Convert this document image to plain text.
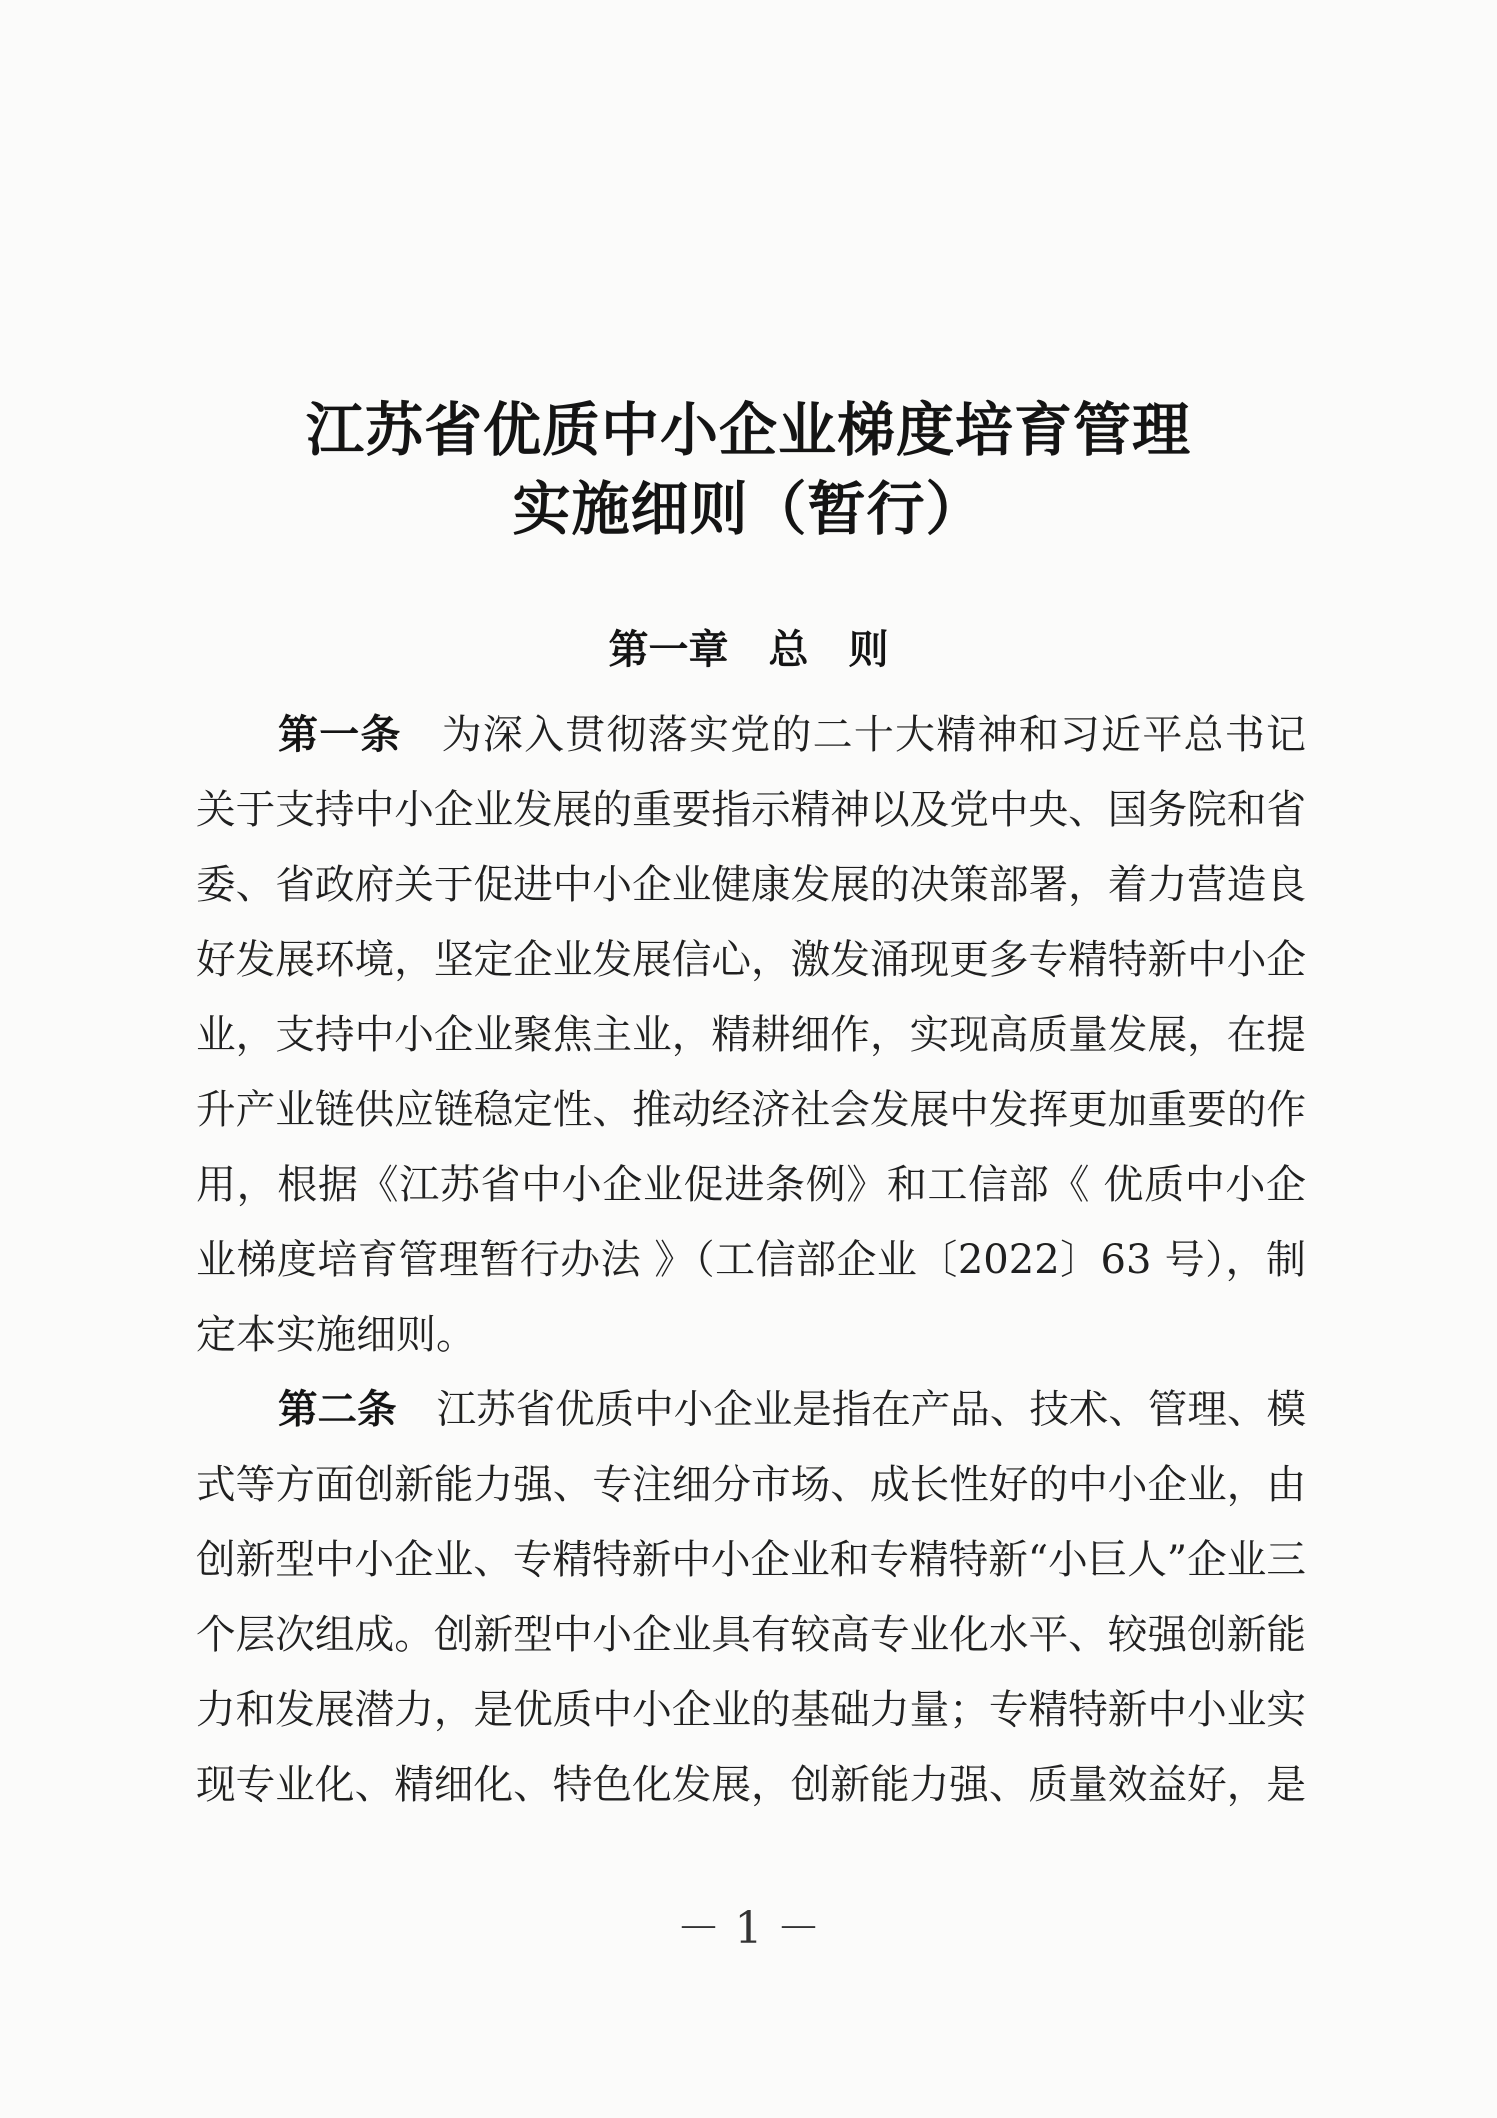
实施细则（暂行）
江苏省优质中小企业梯度培育管理
第一章 总　则
第一条 为深入贯彻落实党的二十大精神和习近平总书记
关于支持中小企业发展的重要指示精神以及党中央、国务院和省
委、省政府关于促进中小企业健康发展的决策部署，着力营造良
好发展环境，坚定企业发展信心，激发涌现更多专精特新中小企
业，支持中小企业聚焦主业，精耕细作，实现高质量发展，在提
升产业链供应链稳定性、推动经济社会发展中发挥更加重要的作
用，根据《江苏省中小企业促进条例》和工信部《 优质中小企
业梯度培育管理暂行办法 》（工信部企业〔2022〕63 号），制
定本实施细则。
第二条 江苏省优质中小企业是指在产品、技术、管理、模
式等方面创新能力强、专注细分市场、成长性好的中小企业，由
创新型中小企业、专精特新中小企业和专精特新“小巨人”企业三
个层次组成。创新型中小企业具有较高专业化水平、较强创新能
力和发展潜力，是优质中小企业的基础力量；专精特新中小业实
现专业化、精细化、特色化发展，创新能力强、质量效益好，是
－ 1 －
